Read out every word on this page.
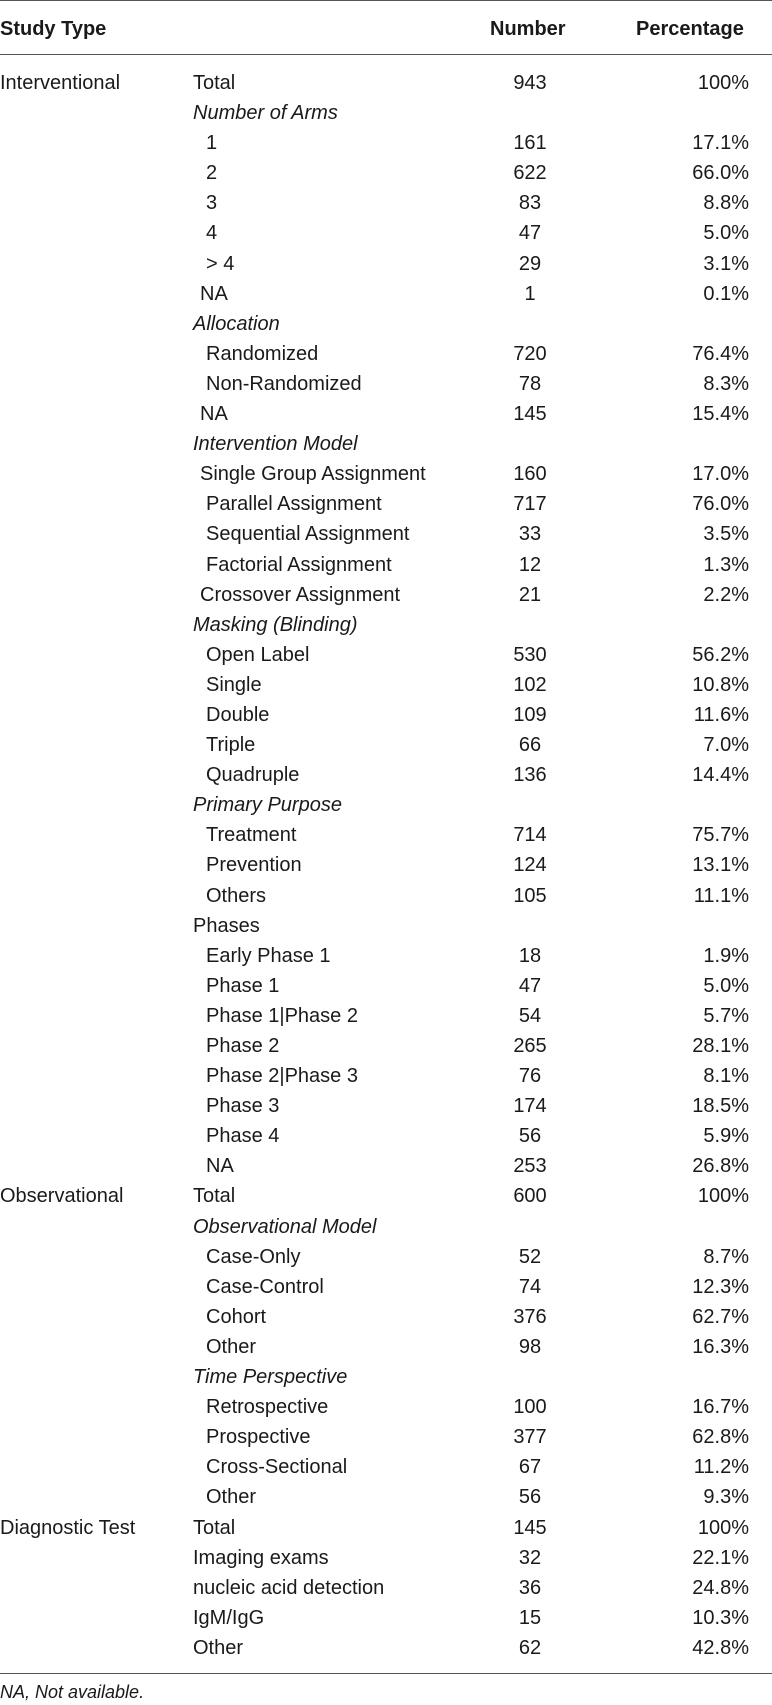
Study Type	Number	Percentage
Interventional	Total	943	100%
Number of Arms
1	161	17.1%
2	622	66.0%
3	83	8.8%
4	47	5.0%
> 4	29	3.1%
NA	1	0.1%
Allocation
Randomized	720	76.4%
Non-Randomized	78	8.3%
NA	145	15.4%
Intervention Model
Single Group Assignment	160	17.0%
Parallel Assignment	717	76.0%
Sequential Assignment	33	3.5%
Factorial Assignment	12	1.3%
Crossover Assignment	21	2.2%
Masking (Blinding)
Open Label	530	56.2%
Single	102	10.8%
Double	109	11.6%
Triple	66	7.0%
Quadruple	136	14.4%
Primary Purpose
Treatment	714	75.7%
Prevention	124	13.1%
Others	105	11.1%
Phases
Early Phase 1	18	1.9%
Phase 1	47	5.0%
Phase 1|Phase 2	54	5.7%
Phase 2	265	28.1%
Phase 2|Phase 3	76	8.1%
Phase 3	174	18.5%
Phase 4	56	5.9%
NA	253	26.8%
Observational	Total	600	100%
Observational Model
Case-Only	52	8.7%
Case-Control	74	12.3%
Cohort	376	62.7%
Other	98	16.3%
Time Perspective
Retrospective	100	16.7%
Prospective	377	62.8%
Cross-Sectional	67	11.2%
Other	56	9.3%
Diagnostic Test	Total	145	100%
Imaging exams	32	22.1%
nucleic acid detection	36	24.8%
IgM/IgG	15	10.3%
Other	62	42.8%
NA, Not available.
